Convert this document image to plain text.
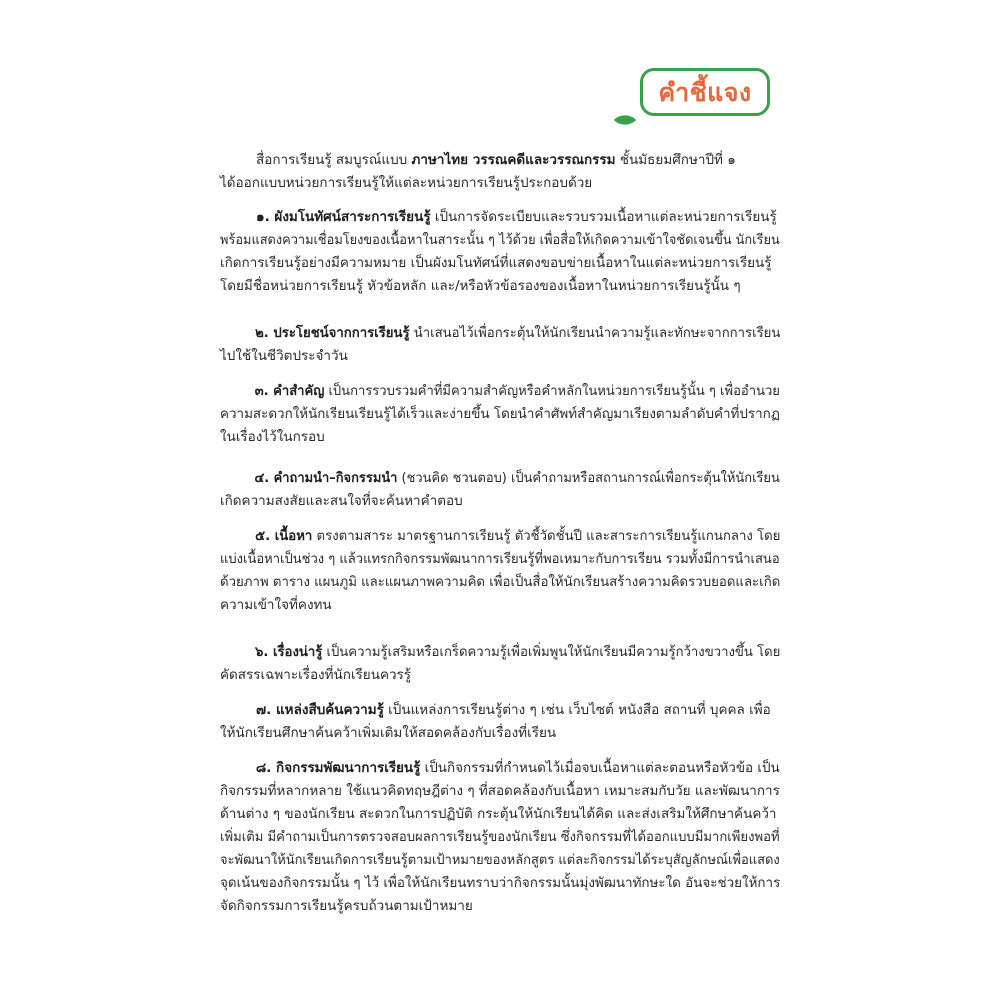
คำชี้แจง

สื่อการเรียนรู้ สมบูรณ์แบบ ภาษาไทย วรรณคดีและวรรณกรรม ชั้นมัธยมศึกษาปีที่ ๑
ได้ออกแบบหน่วยการเรียนรู้ให้แต่ละหน่วยการเรียนรู้ประกอบด้วย

๑. ผังมโนทัศน์สาระการเรียนรู้ เป็นการจัดระเบียบและรวบรวมเนื้อหาแต่ละหน่วยการเรียนรู้
พร้อมแสดงความเชื่อมโยงของเนื้อหาในสาระนั้น ๆ ไว้ด้วย เพื่อสื่อให้เกิดความเข้าใจชัดเจนขึ้น นักเรียน
เกิดการเรียนรู้อย่างมีความหมาย เป็นผังมโนทัศน์ที่แสดงขอบข่ายเนื้อหาในแต่ละหน่วยการเรียนรู้
โดยมีชื่อหน่วยการเรียนรู้ หัวข้อหลัก และ/หรือหัวข้อรองของเนื้อหาในหน่วยการเรียนรู้นั้น ๆ

๒. ประโยชน์จากการเรียนรู้ นำเสนอไว้เพื่อกระตุ้นให้นักเรียนนำความรู้และทักษะจากการเรียน
ไปใช้ในชีวิตประจำวัน

๓. คำสำคัญ เป็นการรวบรวมคำที่มีความสำคัญหรือคำหลักในหน่วยการเรียนรู้นั้น ๆ เพื่ออำนวย
ความสะดวกให้นักเรียนเรียนรู้ได้เร็วและง่ายขึ้น โดยนำคำศัพท์สำคัญมาเรียงตามลำดับคำที่ปรากฏ
ในเรื่องไว้ในกรอบ

๔. คำถามนำ–กิจกรรมนำ (ชวนคิด ชวนตอบ) เป็นคำถามหรือสถานการณ์เพื่อกระตุ้นให้นักเรียน
เกิดความสงสัยและสนใจที่จะค้นหาคำตอบ

๕. เนื้อหา ตรงตามสาระ มาตรฐานการเรียนรู้ ตัวชี้วัดชั้นปี และสาระการเรียนรู้แกนกลาง โดย
แบ่งเนื้อหาเป็นช่วง ๆ แล้วแทรกกิจกรรมพัฒนาการเรียนรู้ที่พอเหมาะกับการเรียน รวมทั้งมีการนำเสนอ
ด้วยภาพ ตาราง แผนภูมิ และแผนภาพความคิด เพื่อเป็นสื่อให้นักเรียนสร้างความคิดรวบยอดและเกิด
ความเข้าใจที่คงทน

๖. เรื่องน่ารู้ เป็นความรู้เสริมหรือเกร็ดความรู้เพื่อเพิ่มพูนให้นักเรียนมีความรู้กว้างขวางขึ้น โดย
คัดสรรเฉพาะเรื่องที่นักเรียนควรรู้

๗. แหล่งสืบค้นความรู้ เป็นแหล่งการเรียนรู้ต่าง ๆ เช่น เว็บไซต์ หนังสือ สถานที่ บุคคล เพื่อ
ให้นักเรียนศึกษาค้นคว้าเพิ่มเติมให้สอดคล้องกับเรื่องที่เรียน

๘. กิจกรรมพัฒนาการเรียนรู้ เป็นกิจกรรมที่กำหนดไว้เมื่อจบเนื้อหาแต่ละตอนหรือหัวข้อ เป็น
กิจกรรมที่หลากหลาย ใช้แนวคิดทฤษฎีต่าง ๆ ที่สอดคล้องกับเนื้อหา เหมาะสมกับวัย และพัฒนาการ
ด้านต่าง ๆ ของนักเรียน สะดวกในการปฏิบัติ กระตุ้นให้นักเรียนได้คิด และส่งเสริมให้ศึกษาค้นคว้า
เพิ่มเติม มีคำถามเป็นการตรวจสอบผลการเรียนรู้ของนักเรียน ซึ่งกิจกรรมที่ได้ออกแบบมีมากเพียงพอที่
จะพัฒนาให้นักเรียนเกิดการเรียนรู้ตามเป้าหมายของหลักสูตร แต่ละกิจกรรมได้ระบุสัญลักษณ์เพื่อแสดง
จุดเน้นของกิจกรรมนั้น ๆ ไว้ เพื่อให้นักเรียนทราบว่ากิจกรรมนั้นมุ่งพัฒนาทักษะใด อันจะช่วยให้การ
จัดกิจกรรมการเรียนรู้ครบถ้วนตามเป้าหมาย
